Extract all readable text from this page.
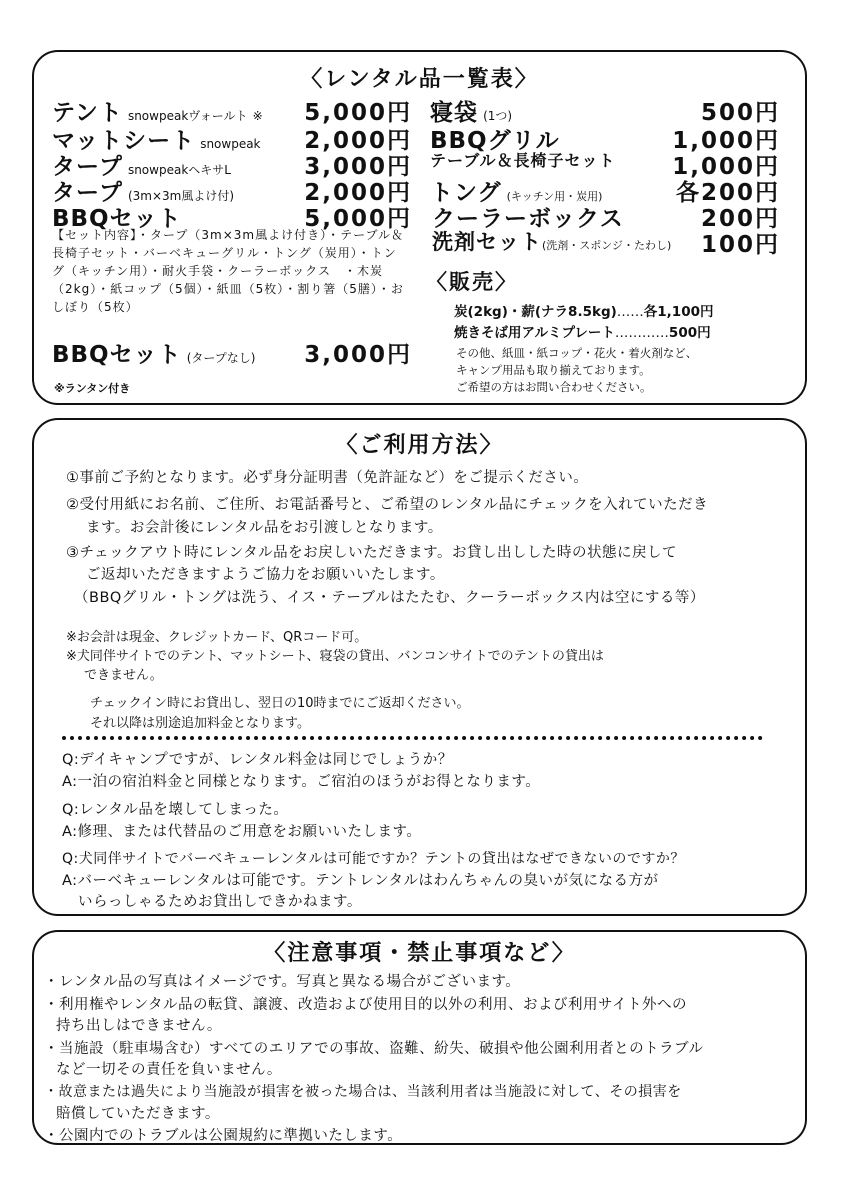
〈レンタル品一覧表〉
テント snowpeakヴォールト ※ 5,000円
マットシート snowpeak 2,000円
タープ snowpeakヘキサL	3,000円
タープ (3m×3m風よけ付)	2,000円
BBQセット	5,000円
【セット内容】・タープ（3m×3m風よけ付き）・テーブル＆長椅子セット・バーベキューグリル・トング（炭用）・トング（キッチン用）・耐火手袋・クーラーボックス　・木炭（2kg）・紙コップ（5個）・紙皿（5枚）・割り箸（5膳）・おしぼり（5枚）
BBQセット (タープなし) 3,000円
※ランタン付き
寝袋 (1つ)	500円
BBQグリル	1,000円
テーブル＆長椅子セット 1,000円
トング (キッチン用・炭用)	各200円
クーラーボックス	200円
洗剤セット(洗剤・スポンジ・たわし) 100円
〈販売〉
炭(2kg)・薪(ナラ8.5kg)……各1,100円
焼きそば用アルミプレート…………500円
その他、紙皿・紙コップ・花火・着火剤など、
キャンプ用品も取り揃えております。
ご希望の方はお問い合わせください。
〈ご利用方法〉
①事前ご予約となります。必ず身分証明書（免許証など）をご提示ください。
②受付用紙にお名前、ご住所、お電話番号と、ご希望のレンタル品にチェックを入れていただき
ます。お会計後にレンタル品をお引渡しとなります。
③チェックアウト時にレンタル品をお戻しいただきます。お貸し出しした時の状態に戻して
ご返却いただきますようご協力をお願いいたします。
（BBQグリル・トングは洗う、イス・テーブルはたたむ、クーラーボックス内は空にする等）
※お会計は現金、クレジットカード、QRコード可。
※犬同伴サイトでのテント、マットシート、寝袋の貸出、バンコンサイトでのテントの貸出は
できません。
チェックイン時にお貸出し、翌日の10時までにご返却ください。
それ以降は別途追加料金となります。
Q:デイキャンプですが、レンタル料金は同じでしょうか？
A:一泊の宿泊料金と同様となります。ご宿泊のほうがお得となります。
Q:レンタル品を壊してしまった。
A:修理、または代替品のご用意をお願いいたします。
Q:犬同伴サイトでバーベキューレンタルは可能ですか？テントの貸出はなぜできないのですか？
A:バーベキューレンタルは可能です。テントレンタルはわんちゃんの臭いが気になる方が
いらっしゃるためお貸出しできかねます。
〈注意事項・禁止事項など〉
・レンタル品の写真はイメージです。写真と異なる場合がございます。
・利用権やレンタル品の転貸、譲渡、改造および使用目的以外の利用、および利用サイト外への
持ち出しはできません。
・当施設（駐車場含む）すべてのエリアでの事故、盗難、紛失、破損や他公園利用者とのトラブル
など一切その責任を負いません。
・故意または過失により当施設が損害を被った場合は、当該利用者は当施設に対して、その損害を
賠償していただきます。
・公園内でのトラブルは公園規約に準拠いたします。
